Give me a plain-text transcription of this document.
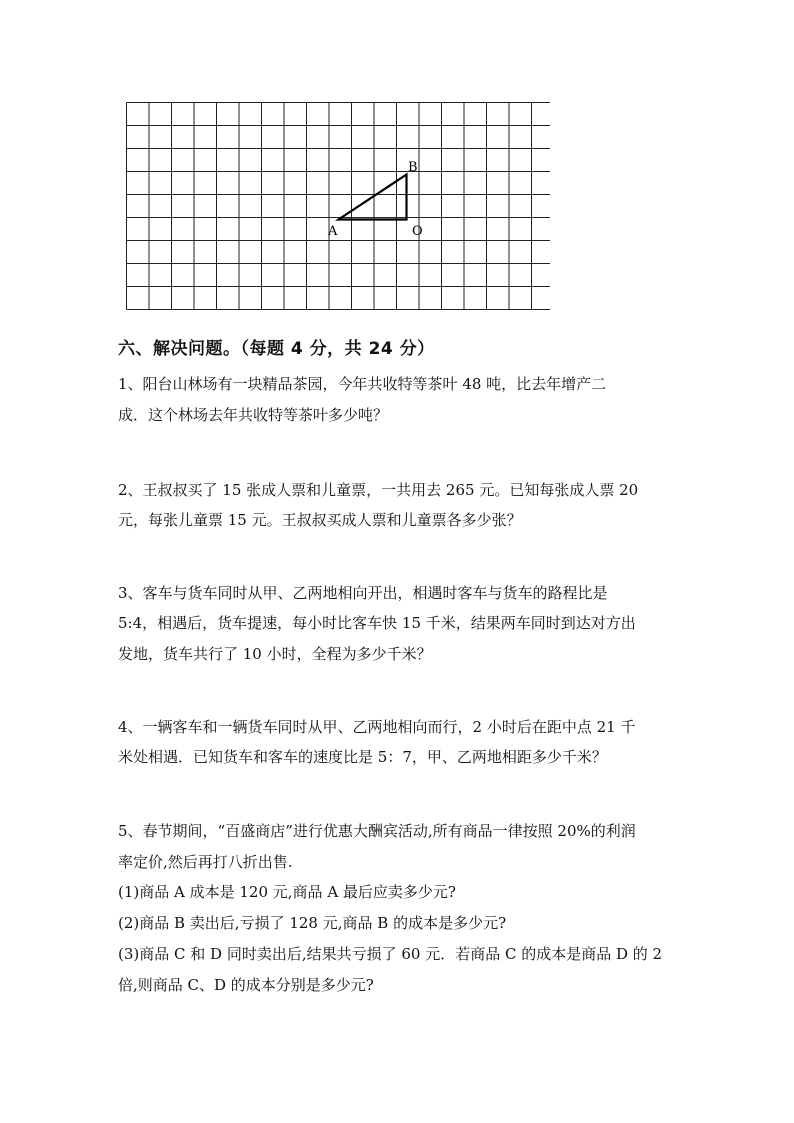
A
B
O
六、解决问题。（每题 4 分，共 24 分）
1、阳台山林场有一块精品茶园，今年共收特等茶叶 48 吨，比去年增产二
成．这个林场去年共收特等茶叶多少吨？
2、王叔叔买了 15 张成人票和儿童票，一共用去 265 元。已知每张成人票 20
元，每张儿童票 15 元。王叔叔买成人票和儿童票各多少张？
3、客车与货车同时从甲、乙两地相向开出，相遇时客车与货车的路程比是
5:4，相遇后，货车提速，每小时比客车快 15 千米，结果两车同时到达对方出
发地，货车共行了 10 小时，全程为多少千米？
4、一辆客车和一辆货车同时从甲、乙两地相向而行，2 小时后在距中点 21 千
米处相遇．已知货车和客车的速度比是 5：7，甲、乙两地相距多少千米？
5、春节期间，“百盛商店”进行优惠大酬宾活动,所有商品一律按照 20%的利润
率定价,然后再打八折出售.
(1)商品 A 成本是 120 元,商品 A 最后应卖多少元?
(2)商品 B 卖出后,亏损了 128 元,商品 B 的成本是多少元?
(3)商品 C 和 D 同时卖出后,结果共亏损了 60 元．若商品 C 的成本是商品 D 的 2
倍,则商品 C、D 的成本分别是多少元?
